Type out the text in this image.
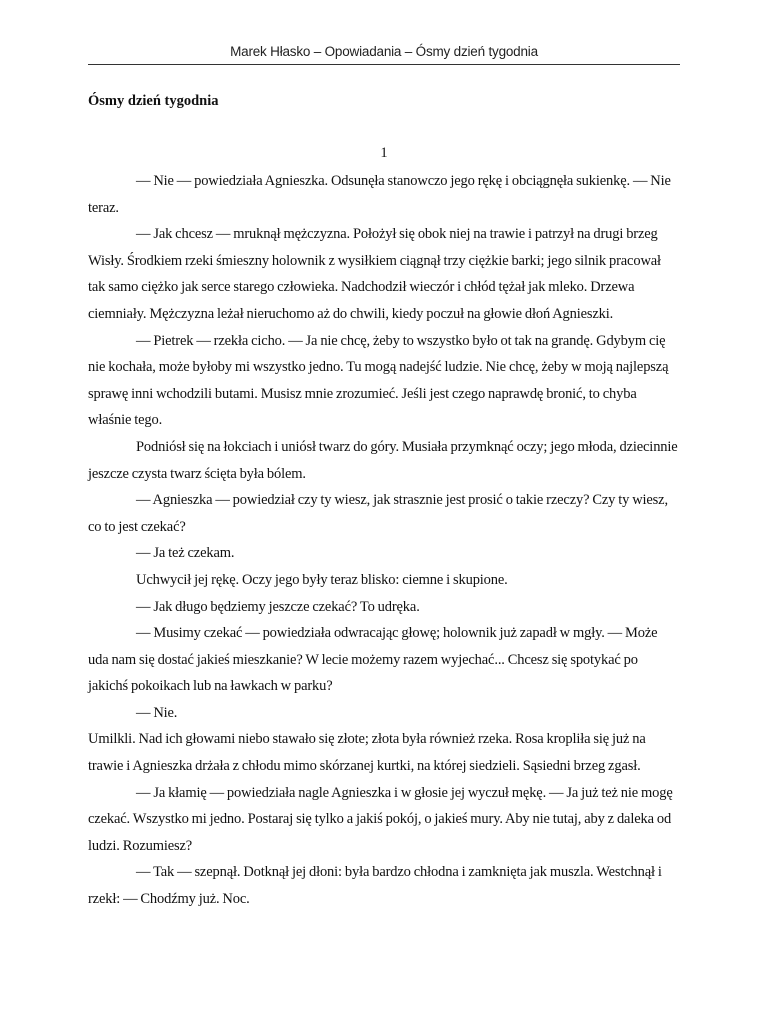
Marek Hłasko – Opowiadania – Ósmy dzień tygodnia
Ósmy dzień tygodnia
1

— Nie — powiedziała Agnieszka. Odsunęła stanowczo jego rękę i obciągnęła sukienkę. — Nie teraz.

— Jak chcesz — mruknął mężczyzna. Położył się obok niej na trawie i patrzył na drugi brzeg Wisły. Środkiem rzeki śmieszny holownik z wysiłkiem ciągnął trzy ciężkie barki; jego silnik pracował tak samo ciężko jak serce starego człowieka. Nadchodził wieczór i chłód tężał jak mleko. Drzewa ciemniały. Mężczyzna leżał nieruchomo aż do chwili, kiedy poczuł na głowie dłoń Agnieszki.

— Pietrek — rzekła cicho. — Ja nie chcę, żeby to wszystko było ot tak na grandę. Gdybym cię nie kochała, może byłoby mi wszystko jedno. Tu mogą nadejść ludzie. Nie chcę, żeby w moją najlepszą sprawę inni wchodzili butami. Musisz mnie zrozumieć. Jeśli jest czego naprawdę bronić, to chyba właśnie tego.

Podniósł się na łokciach i uniósł twarz do góry. Musiała przymknąć oczy; jego młoda, dziecinnie jeszcze czysta twarz ścięta była bólem.

— Agnieszka — powiedział czy ty wiesz, jak strasznie jest prosić o takie rzeczy? Czy ty wiesz, co to jest czekać?

— Ja też czekam.

Uchwycił jej rękę. Oczy jego były teraz blisko: ciemne i skupione.

— Jak długo będziemy jeszcze czekać? To udręka.

— Musimy czekać — powiedziała odwracając głowę; holownik już zapadł w mgły. — Może uda nam się dostać jakieś mieszkanie? W lecie możemy razem wyjechać... Chcesz się spotykać po jakichś pokoikach lub na ławkach w parku?

— Nie.

Umilkli. Nad ich głowami niebo stawało się złote; złota była również rzeka. Rosa kropliła się już na trawie i Agnieszka drżała z chłodu mimo skórzanej kurtki, na której siedzieli. Sąsiedni brzeg zgasł.

— Ja kłamię — powiedziała nagle Agnieszka i w głosie jej wyczuł mękę. — Ja już też nie mogę czekać. Wszystko mi jedno. Postaraj się tylko a jakiś pokój, o jakieś mury. Aby nie tutaj, aby z daleka od ludzi. Rozumiesz?

— Tak — szepnął. Dotknął jej dłoni: była bardzo chłodna i zamknięta jak muszla. Westchnął i rzekł: — Chodźmy już. Noc.
